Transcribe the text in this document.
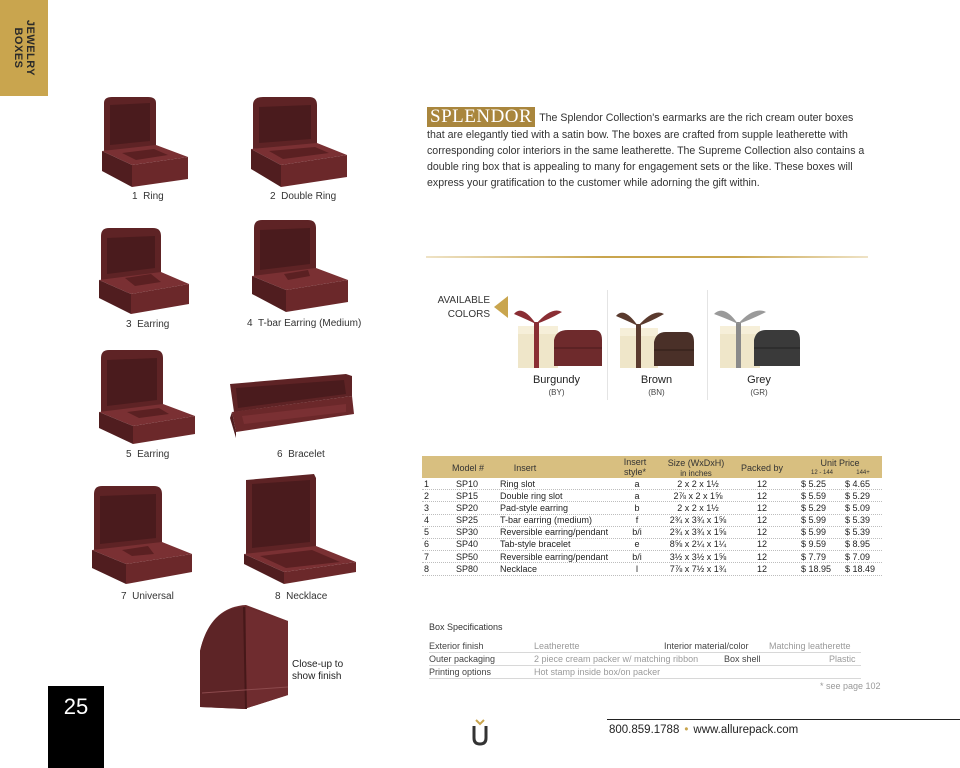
JEWELRY
BOXES
1 Ring	2 Double Ring
3 Earring	4 T-bar Earring (Medium)
5 Earring	6 Bracelet
7 Universal	8 Necklace
Close-up to
show finish
25
SPLENDOR The Splendor Collection's earmarks are the rich cream outer boxes that are elegantly tied with a satin bow. The boxes are crafted from supple leatherette with corresponding color interiors in the same leatherette. The Supreme Collection also contains a double ring box that is appealing to many for engagement sets or the like. These boxes will express your gratification to the customer while adorning the gift within.
AVAILABLE
COLORS
Burgundy
(BY)
Brown
(BN)
Grey
(GR)
Model #	Insert
Insert
style*
Size (WxDxH)
in inches
Packed by	Unit Price
12 - 144	144+
1	SP10 Ring slot	a	2 x 2 x 1½	12	$ 5.25 $ 4.65
2	SP15 Double ring slot	a	2⅞ x 2 x 1⅝	12	$ 5.59 $ 5.29
3	SP20 Pad-style earring	b	2 x 2 x 1½	12	$ 5.29 $ 5.09
4	SP25 T-bar earring (medium)	f	2¾ x 3¾ x 1⅝	12	$ 5.99 $ 5.39
5	SP30 Reversible earring/pendant	b/i	2¾ x 3¾ x 1⅝	12	$ 5.99 $ 5.39
6	SP40 Tab-style bracelet	e	8⅝ x 2¼ x 1¼	12	$ 9.59 $ 8.95
7	SP50 Reversible earring/pendant	b/i	3½ x 3½ x 1⅝	12	$ 7.79 $ 7.09
8	SP80 Necklace	l	7⅞ x 7½ x 1¾	12	$ 18.95 $ 18.49
Box Specifications
Exterior finish	Leatherette	Interior material/color Matching leatherette
Outer packaging	2 piece cream packer w/ matching ribbon	Box shell	Plastic
Printing options	Hot stamp inside box/on packer
* see page 102
800.859.1788 • www.allurepack.com
